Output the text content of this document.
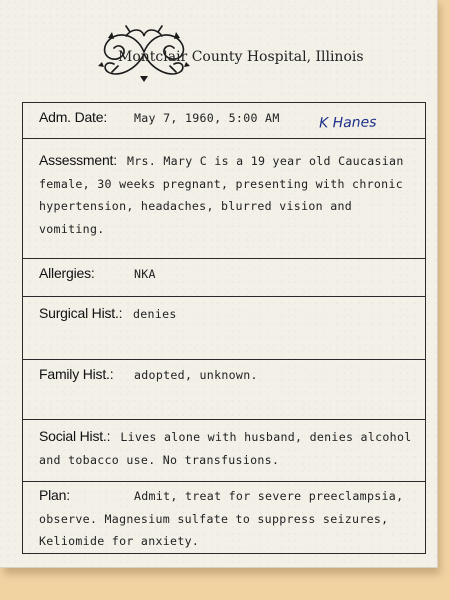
Montclair County Hospital, Illinois
Adm. Date: May 7, 1960, 5:00 AM	K Hanes
Assessment: Mrs. Mary C is a 19 year old Caucasian female, 30 weeks pregnant, presenting with chronic hypertension, headaches, blurred vision and vomiting.
Allergies:	NKA
Surgical Hist.: denies
Family Hist.: adopted, unknown.
Social Hist.: Lives alone with husband, denies alcohol and tobacco use. No transfusions.
Plan:	Admit, treat for severe preeclampsia, observe. Magnesium sulfate to suppress seizures, Keliomide for anxiety.
